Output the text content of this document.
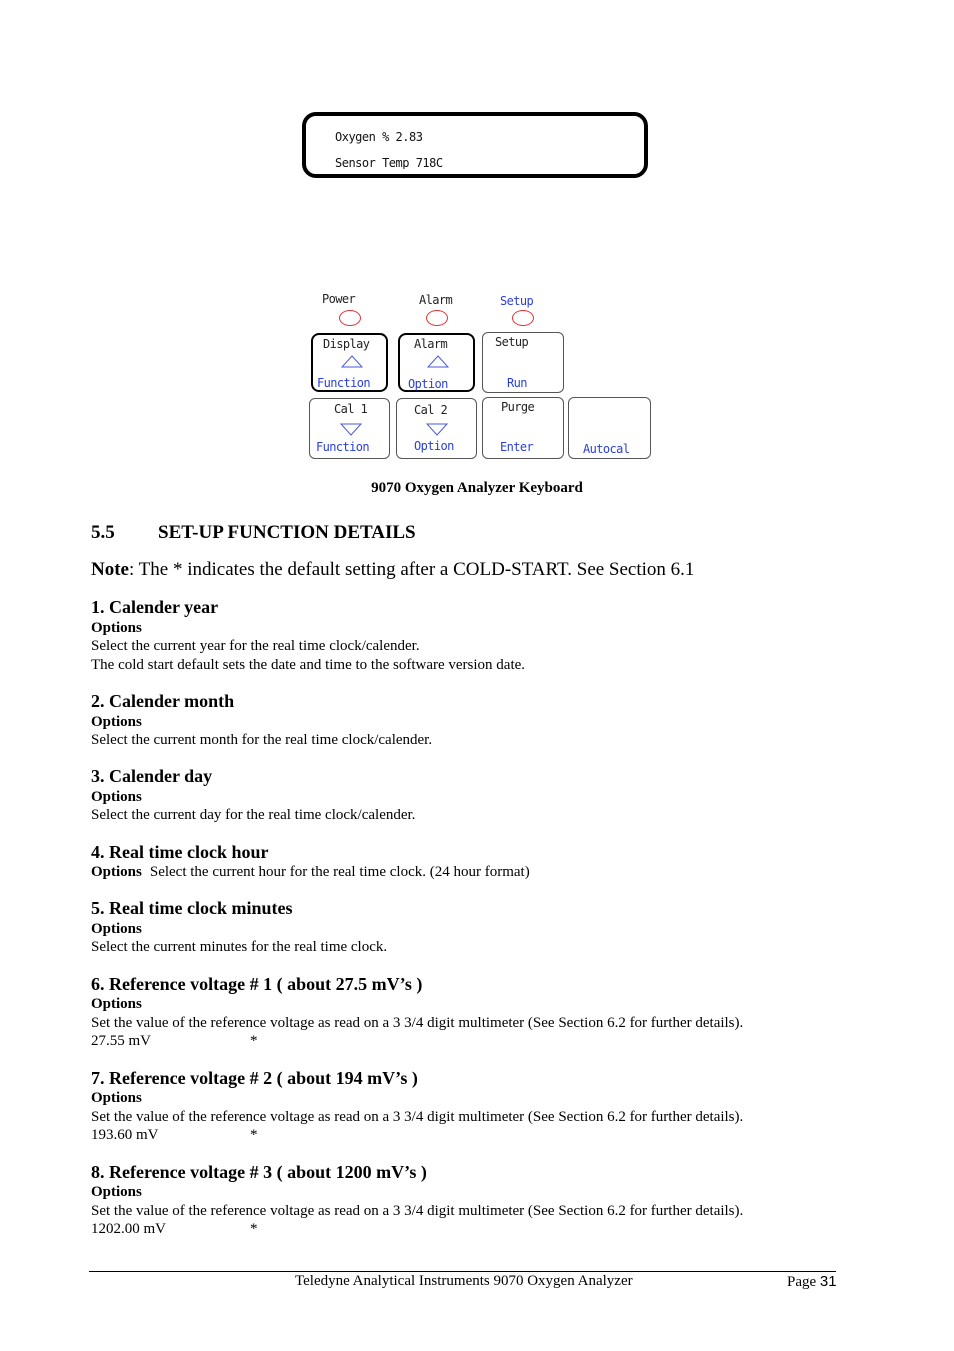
Oxygen % 2.83
Sensor Temp 718C
Power	Alarm	Setup
Display
Function
Alarm
Option
Setup
Run
Cal 1
Function
Cal 2
Option
Purge
Enter	Autocal
9070 Oxygen Analyzer Keyboard
5.5 SET-UP FUNCTION DETAILS
Note: The * indicates the default setting after a COLD-START. See Section 6.1
1. Calender year
Options
Select the current year for the real time clock/calender.
The cold start default sets the date and time to the software version date.
2. Calender month
Options
Select the current month for the real time clock/calender.
3. Calender day
Options
Select the current day for the real time clock/calender.
4. Real time clock hour
Options Select the current hour for the real time clock. (24 hour format)
5. Real time clock minutes
Options
Select the current minutes for the real time clock.
6. Reference voltage # 1 ( about 27.5 mV’s )
Options
Set the value of the reference voltage as read on a 3 3/4 digit multimeter (See Section 6.2 for further details).
27.55 mV	*
7. Reference voltage # 2 ( about 194 mV’s )
Options
Set the value of the reference voltage as read on a 3 3/4 digit multimeter (See Section 6.2 for further details).
193.60 mV	*
8. Reference voltage # 3 ( about 1200 mV’s )
Options
Set the value of the reference voltage as read on a 3 3/4 digit multimeter (See Section 6.2 for further details).
1202.00 mV	*
Teledyne Analytical Instruments 9070 Oxygen Analyzer	Page 31
